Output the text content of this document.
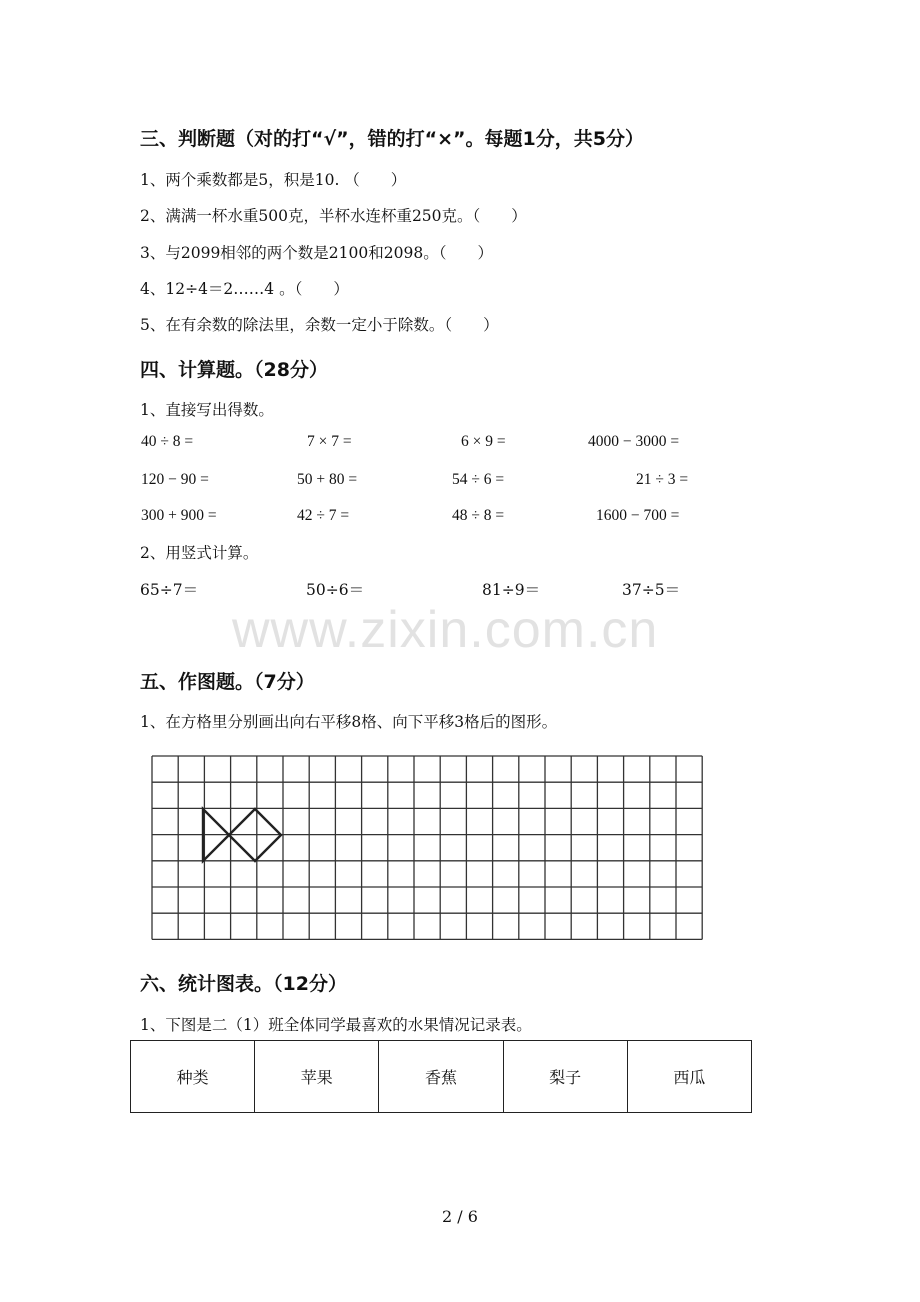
三、判断题（对的打“√”，错的打“×”。每题1分，共5分）
1、两个乘数都是5，积是10. （　　）
2、满满一杯水重500克，半杯水连杯重250克。（　　）
3、与2099相邻的两个数是2100和2098。（　　）
4、12÷4＝2……4 。（　　）
5、在有余数的除法里，余数一定小于除数。（　　）
四、计算题。（28分）
1、直接写出得数。
40 ÷ 8 =	7 × 7 =	6 × 9 =	4000 − 3000 =
120 − 90 =	50 + 80 =	54 ÷ 6 =	21 ÷ 3 =
300 + 900 =	42 ÷ 7 =	48 ÷ 8 =	1600 − 700 =
2、用竖式计算。
65÷7＝	50÷6＝	81÷9＝	37÷5＝
www.zixin.com.cn
五、作图题。（7分）
1、在方格里分别画出向右平移8格、向下平移3格后的图形。
六、统计图表。（12分）
1、下图是二（1）班全体同学最喜欢的水果情况记录表。
种类	苹果	香蕉	梨子	西瓜
2 / 6
